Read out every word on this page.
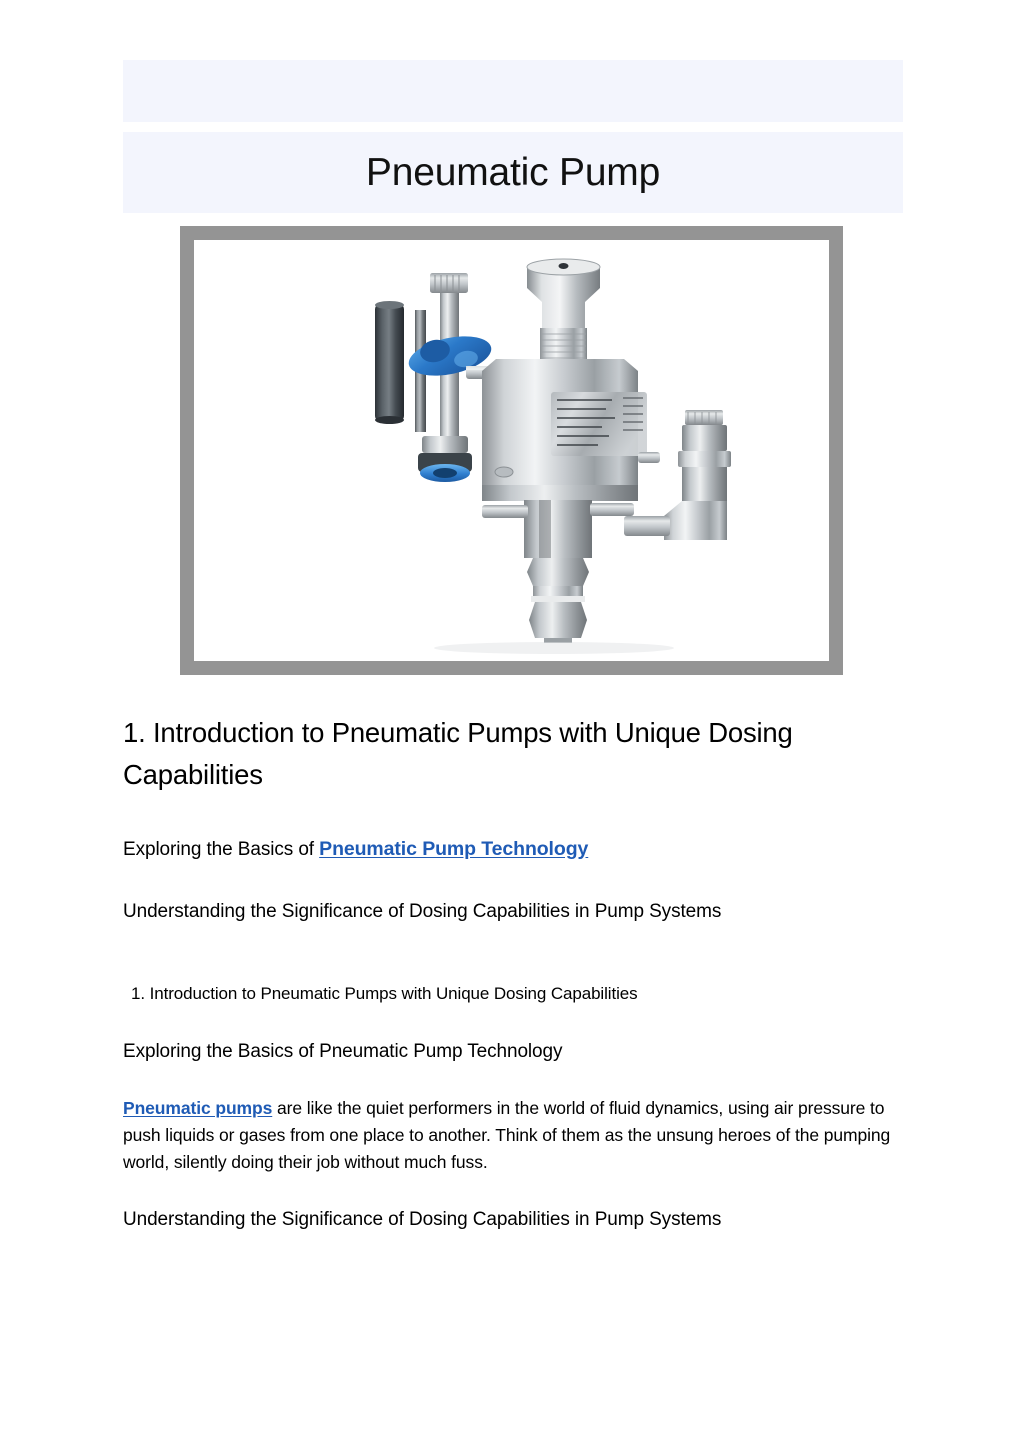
Pneumatic Pump
1. Introduction to Pneumatic Pumps with Unique Dosing Capabilities

Exploring the Basics of Pneumatic Pump Technology

Understanding the Significance of Dosing Capabilities in Pump Systems

1. Introduction to Pneumatic Pumps with Unique Dosing Capabilities

Exploring the Basics of Pneumatic Pump Technology

Pneumatic pumps are like the quiet performers in the world of fluid dynamics, using air pressure to push liquids or gases from one place to another. Think of them as the unsung heroes of the pumping world, silently doing their job without much fuss.

Understanding the Significance of Dosing Capabilities in Pump Systems
